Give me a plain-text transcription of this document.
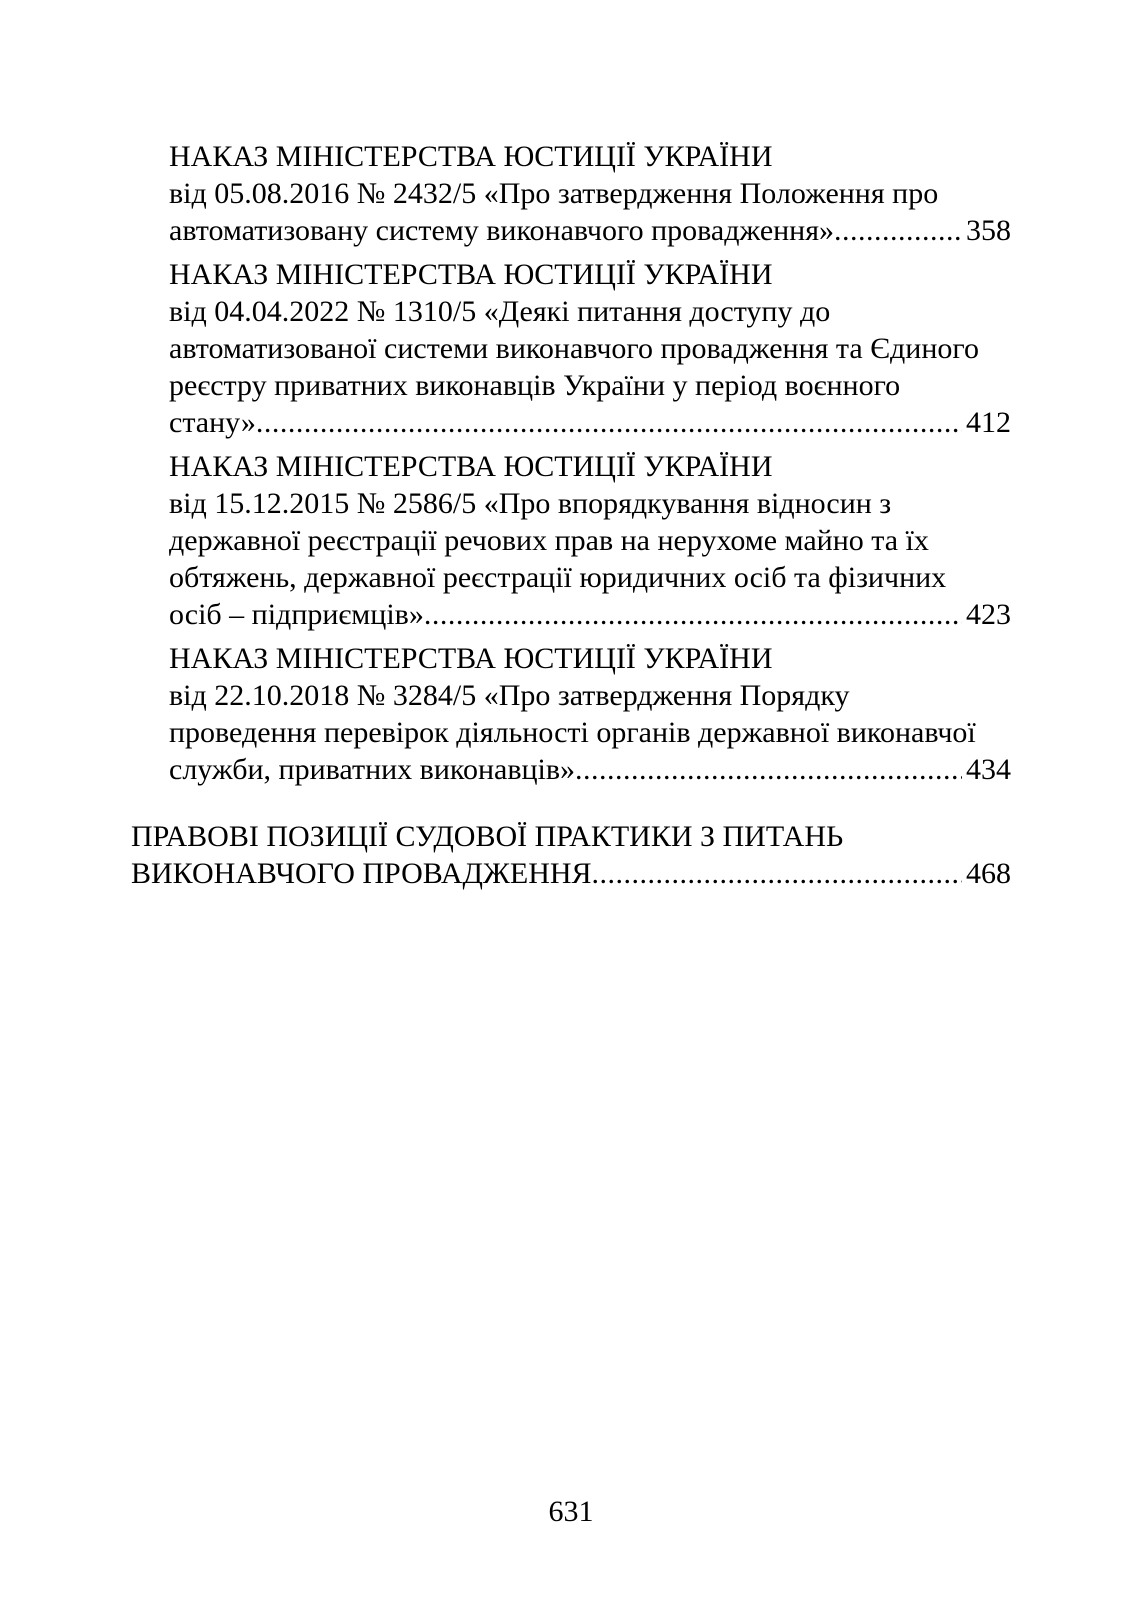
НАКАЗ МІНІСТЕРСТВА ЮСТИЦІЇ УКРАЇНИ
від 05.08.2016 № 2432/5 «Про затвердження Положення про
автоматизовану систему виконавчого провадження» .....	358
НАКАЗ МІНІСТЕРСТВА ЮСТИЦІЇ УКРАЇНИ
від 04.04.2022 № 1310/5 «Деякі питання доступу до
автоматизованої системи виконавчого провадження та Єдиного
реєстру приватних виконавців України у період воєнного
стану» .....	412
НАКАЗ МІНІСТЕРСТВА ЮСТИЦІЇ УКРАЇНИ
від 15.12.2015 № 2586/5 «Про впорядкування відносин з
державної реєстрації речових прав на нерухоме майно та їх
обтяжень, державної реєстрації юридичних осіб та фізичних
осіб – підприємців» .....	423
НАКАЗ МІНІСТЕРСТВА ЮСТИЦІЇ УКРАЇНИ
від 22.10.2018 № 3284/5 «Про затвердження Порядку
проведення перевірок діяльності органів державної виконавчої
служби, приватних виконавців» .....	434
ПРАВОВІ ПОЗИЦІЇ СУДОВОЇ ПРАКТИКИ З ПИТАНЬ
ВИКОНАВЧОГО ПРОВАДЖЕННЯ .....	468
631
